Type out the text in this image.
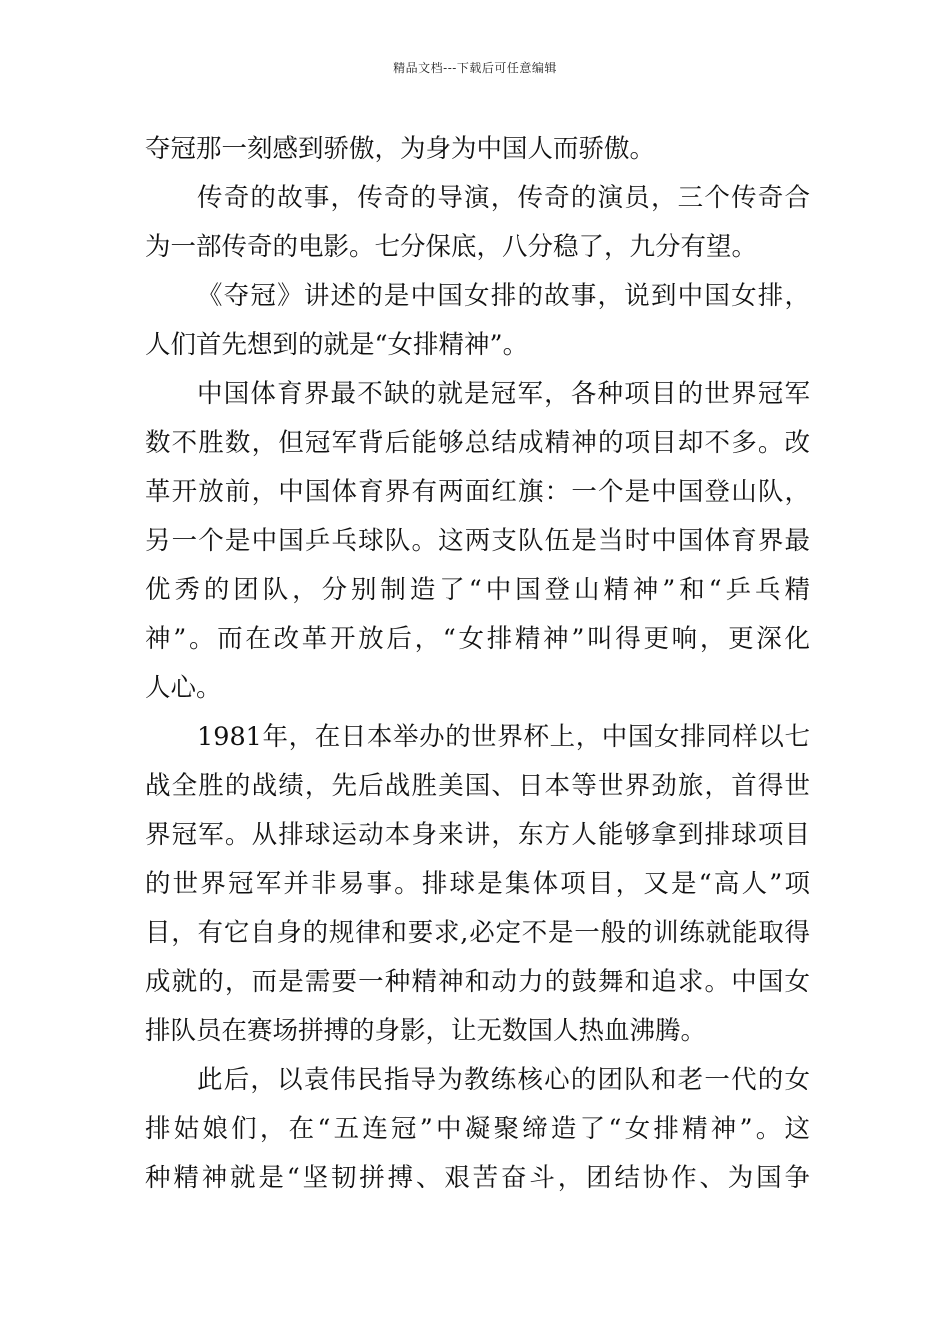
精品文档---下载后可任意编辑
夺冠那一刻感到骄傲，为身为中国人而骄傲。
传奇的故事，传奇的导演，传奇的演员，三个传奇合
为一部传奇的电影。七分保底，八分稳了，九分有望。
《夺冠》讲述的是中国女排的故事，说到中国女排，
人们首先想到的就是“女排精神”。
中国体育界最不缺的就是冠军，各种项目的世界冠军
数不胜数，但冠军背后能够总结成精神的项目却不多。改
革开放前，中国体育界有两面红旗：一个是中国登山队，
另一个是中国乒乓球队。这两支队伍是当时中国体育界最
优秀的团队，分别制造了“中国登山精神”和“乒乓精
神”。而在改革开放后，“女排精神”叫得更响，更深化
人心。
1981年，在日本举办的世界杯上，中国女排同样以七
战全胜的战绩，先后战胜美国、日本等世界劲旅，首得世
界冠军。从排球运动本身来讲，东方人能够拿到排球项目
的世界冠军并非易事。排球是集体项目，又是“高人”项
目，有它自身的规律和要求,必定不是一般的训练就能取得
成就的，而是需要一种精神和动力的鼓舞和追求。中国女
排队员在赛场拼搏的身影，让无数国人热血沸腾。
此后，以袁伟民指导为教练核心的团队和老一代的女
排姑娘们，在“五连冠”中凝聚缔造了“女排精神”。这
种精神就是“坚韧拼搏、艰苦奋斗，团结协作、为国争
